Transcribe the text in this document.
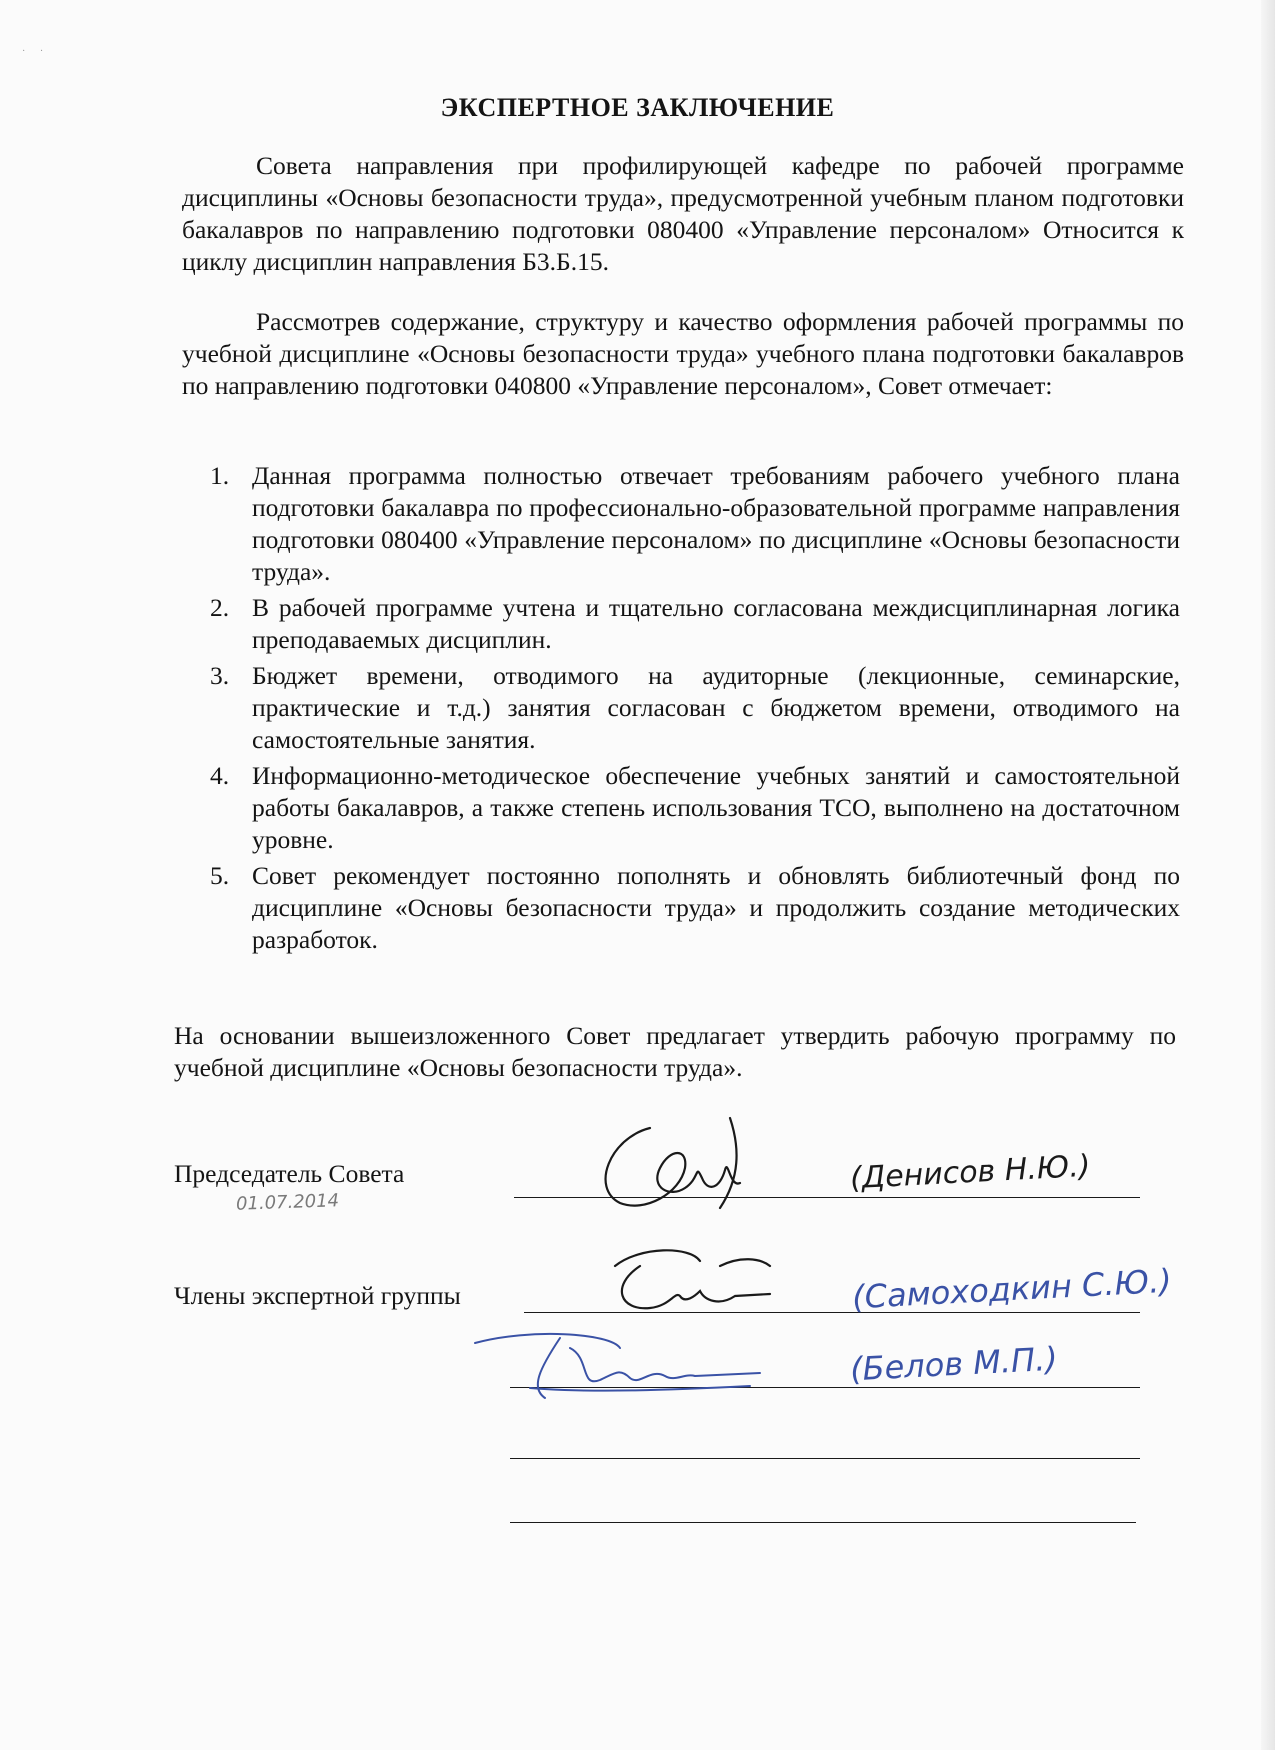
· ·
ЭКСПЕРТНОЕ ЗАКЛЮЧЕНИЕ

Совета направления при профилирующей кафедре по рабочей программе дисциплины «Основы безопасности труда», предусмотренной учебным планом подготовки бакалавров по направлению подготовки 080400 «Управление персоналом» Относится к циклу дисциплин направления Б3.Б.15.

Рассмотрев содержание, структуру и качество оформления рабочей программы по учебной дисциплине «Основы безопасности труда» учебного плана подготовки бакалавров по направлению подготовки 040800 «Управление персоналом», Совет отмечает:

1. Данная программа полностью отвечает требованиям рабочего учебного плана подготовки бакалавра по профессионально-образовательной программе направления подготовки 080400 «Управление персоналом» по дисциплине «Основы безопасности труда».
2. В рабочей программе учтена и тщательно согласована междисциплинарная логика преподаваемых дисциплин.
3. Бюджет времени, отводимого на аудиторные (лекционные, семинарские, практические и т.д.) занятия согласован с бюджетом времени, отводимого на самостоятельные занятия.
4. Информационно-методическое обеспечение учебных занятий и самостоятельной работы бакалавров, а также степень использования ТСО, выполнено на достаточном уровне.
5. Совет рекомендует постоянно пополнять и обновлять библиотечный фонд по дисциплине «Основы безопасности труда» и продолжить создание методических разработок.

На основании вышеизложенного Совет предлагает утвердить рабочую программу по учебной дисциплине «Основы безопасности труда».

Председатель Совета
01.07.2014
(Денисов Н.Ю.)
Члены экспертной группы	(Самоходкин С.Ю.)
(Белов М.П.)
